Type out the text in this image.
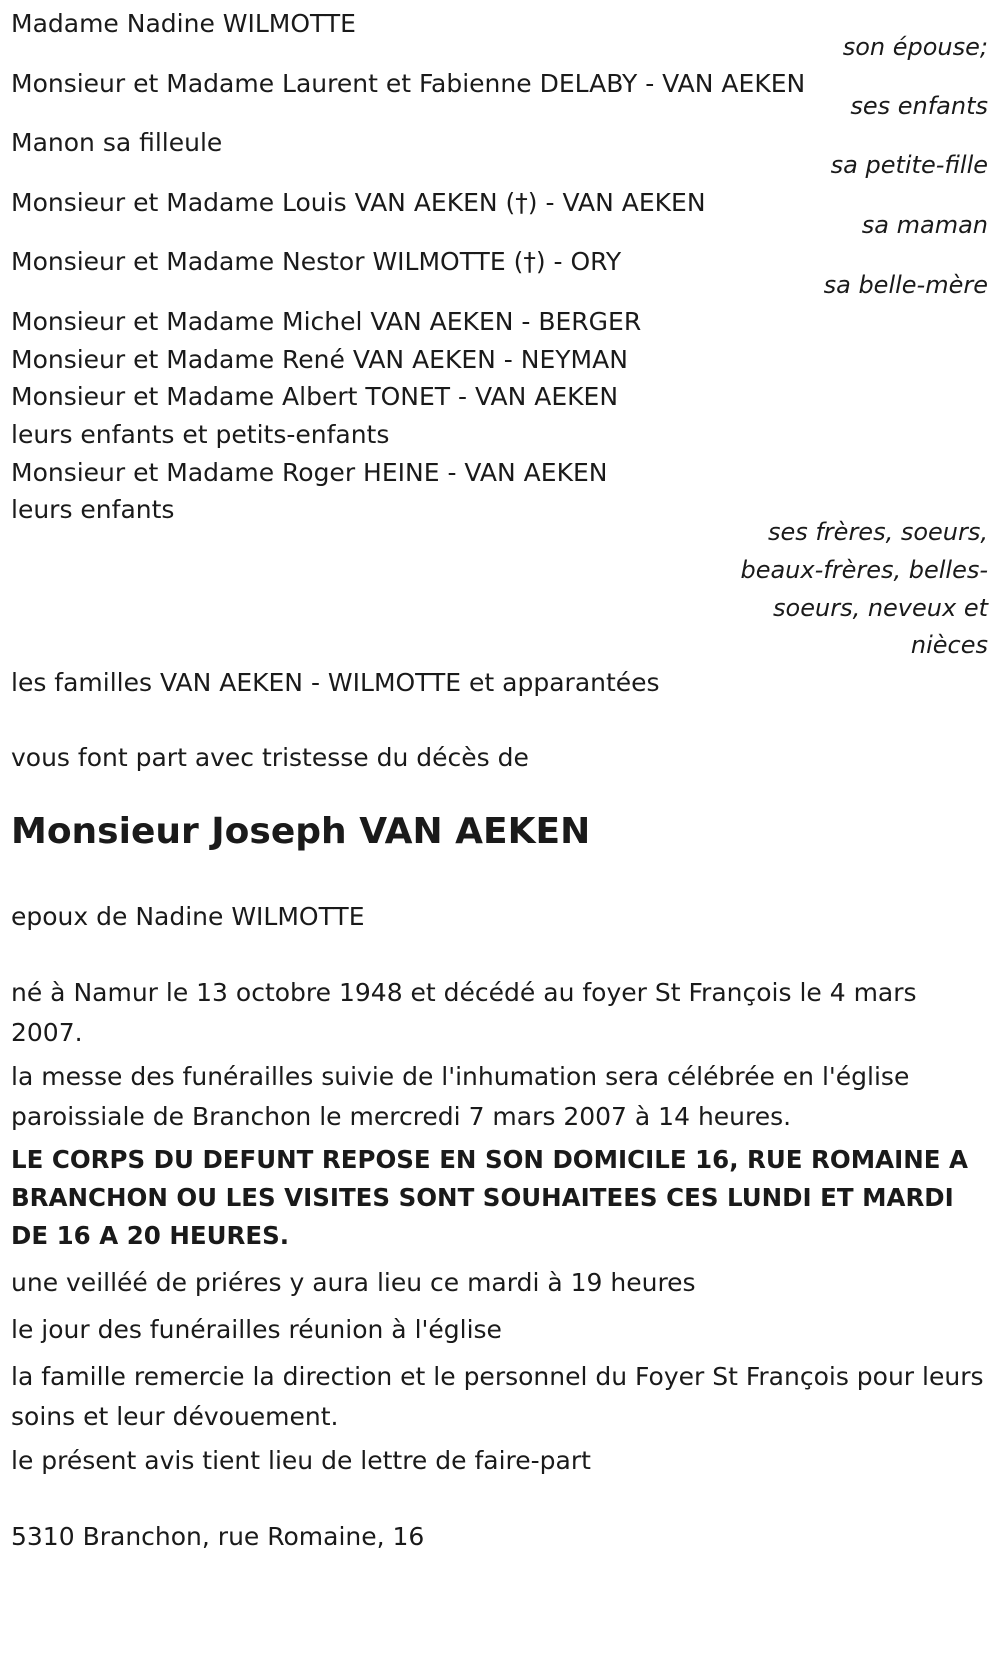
Madame Nadine WILMOTTE
son épouse;
Monsieur et Madame Laurent et Fabienne DELABY - VAN AEKEN
ses enfants
Manon sa filleule
sa petite-fille
Monsieur et Madame Louis VAN AEKEN (†) - VAN AEKEN
sa maman
Monsieur et Madame Nestor WILMOTTE (†) - ORY
sa belle-mère
Monsieur et Madame Michel VAN AEKEN - BERGER
Monsieur et Madame René VAN AEKEN - NEYMAN
Monsieur et Madame Albert TONET - VAN AEKEN
leurs enfants et petits-enfants
Monsieur et Madame Roger HEINE - VAN AEKEN
leurs enfants
ses frères, soeurs,
beaux-frères, belles-
soeurs, neveux et
nièces
les familles VAN AEKEN - WILMOTTE et apparantées
vous font part avec tristesse du décès de
Monsieur Joseph VAN AEKEN
epoux de Nadine WILMOTTE
né à Namur le 13 octobre 1948 et décédé au foyer St François le 4 mars 2007.
la messe des funérailles suivie de l'inhumation sera célébrée en l'église paroissiale de Branchon le mercredi 7 mars 2007 à 14 heures.
LE CORPS DU DEFUNT REPOSE EN SON DOMICILE 16, RUE ROMAINE A BRANCHON OU LES VISITES SONT SOUHAITEES CES LUNDI ET MARDI DE 16 A 20 HEURES.
une veilléé de priéres y aura lieu ce mardi à 19 heures
le jour des funérailles réunion à l'église
la famille remercie la direction et le personnel du Foyer St François pour leurs soins et leur dévouement.
le présent avis tient lieu de lettre de faire-part
5310 Branchon, rue Romaine, 16
